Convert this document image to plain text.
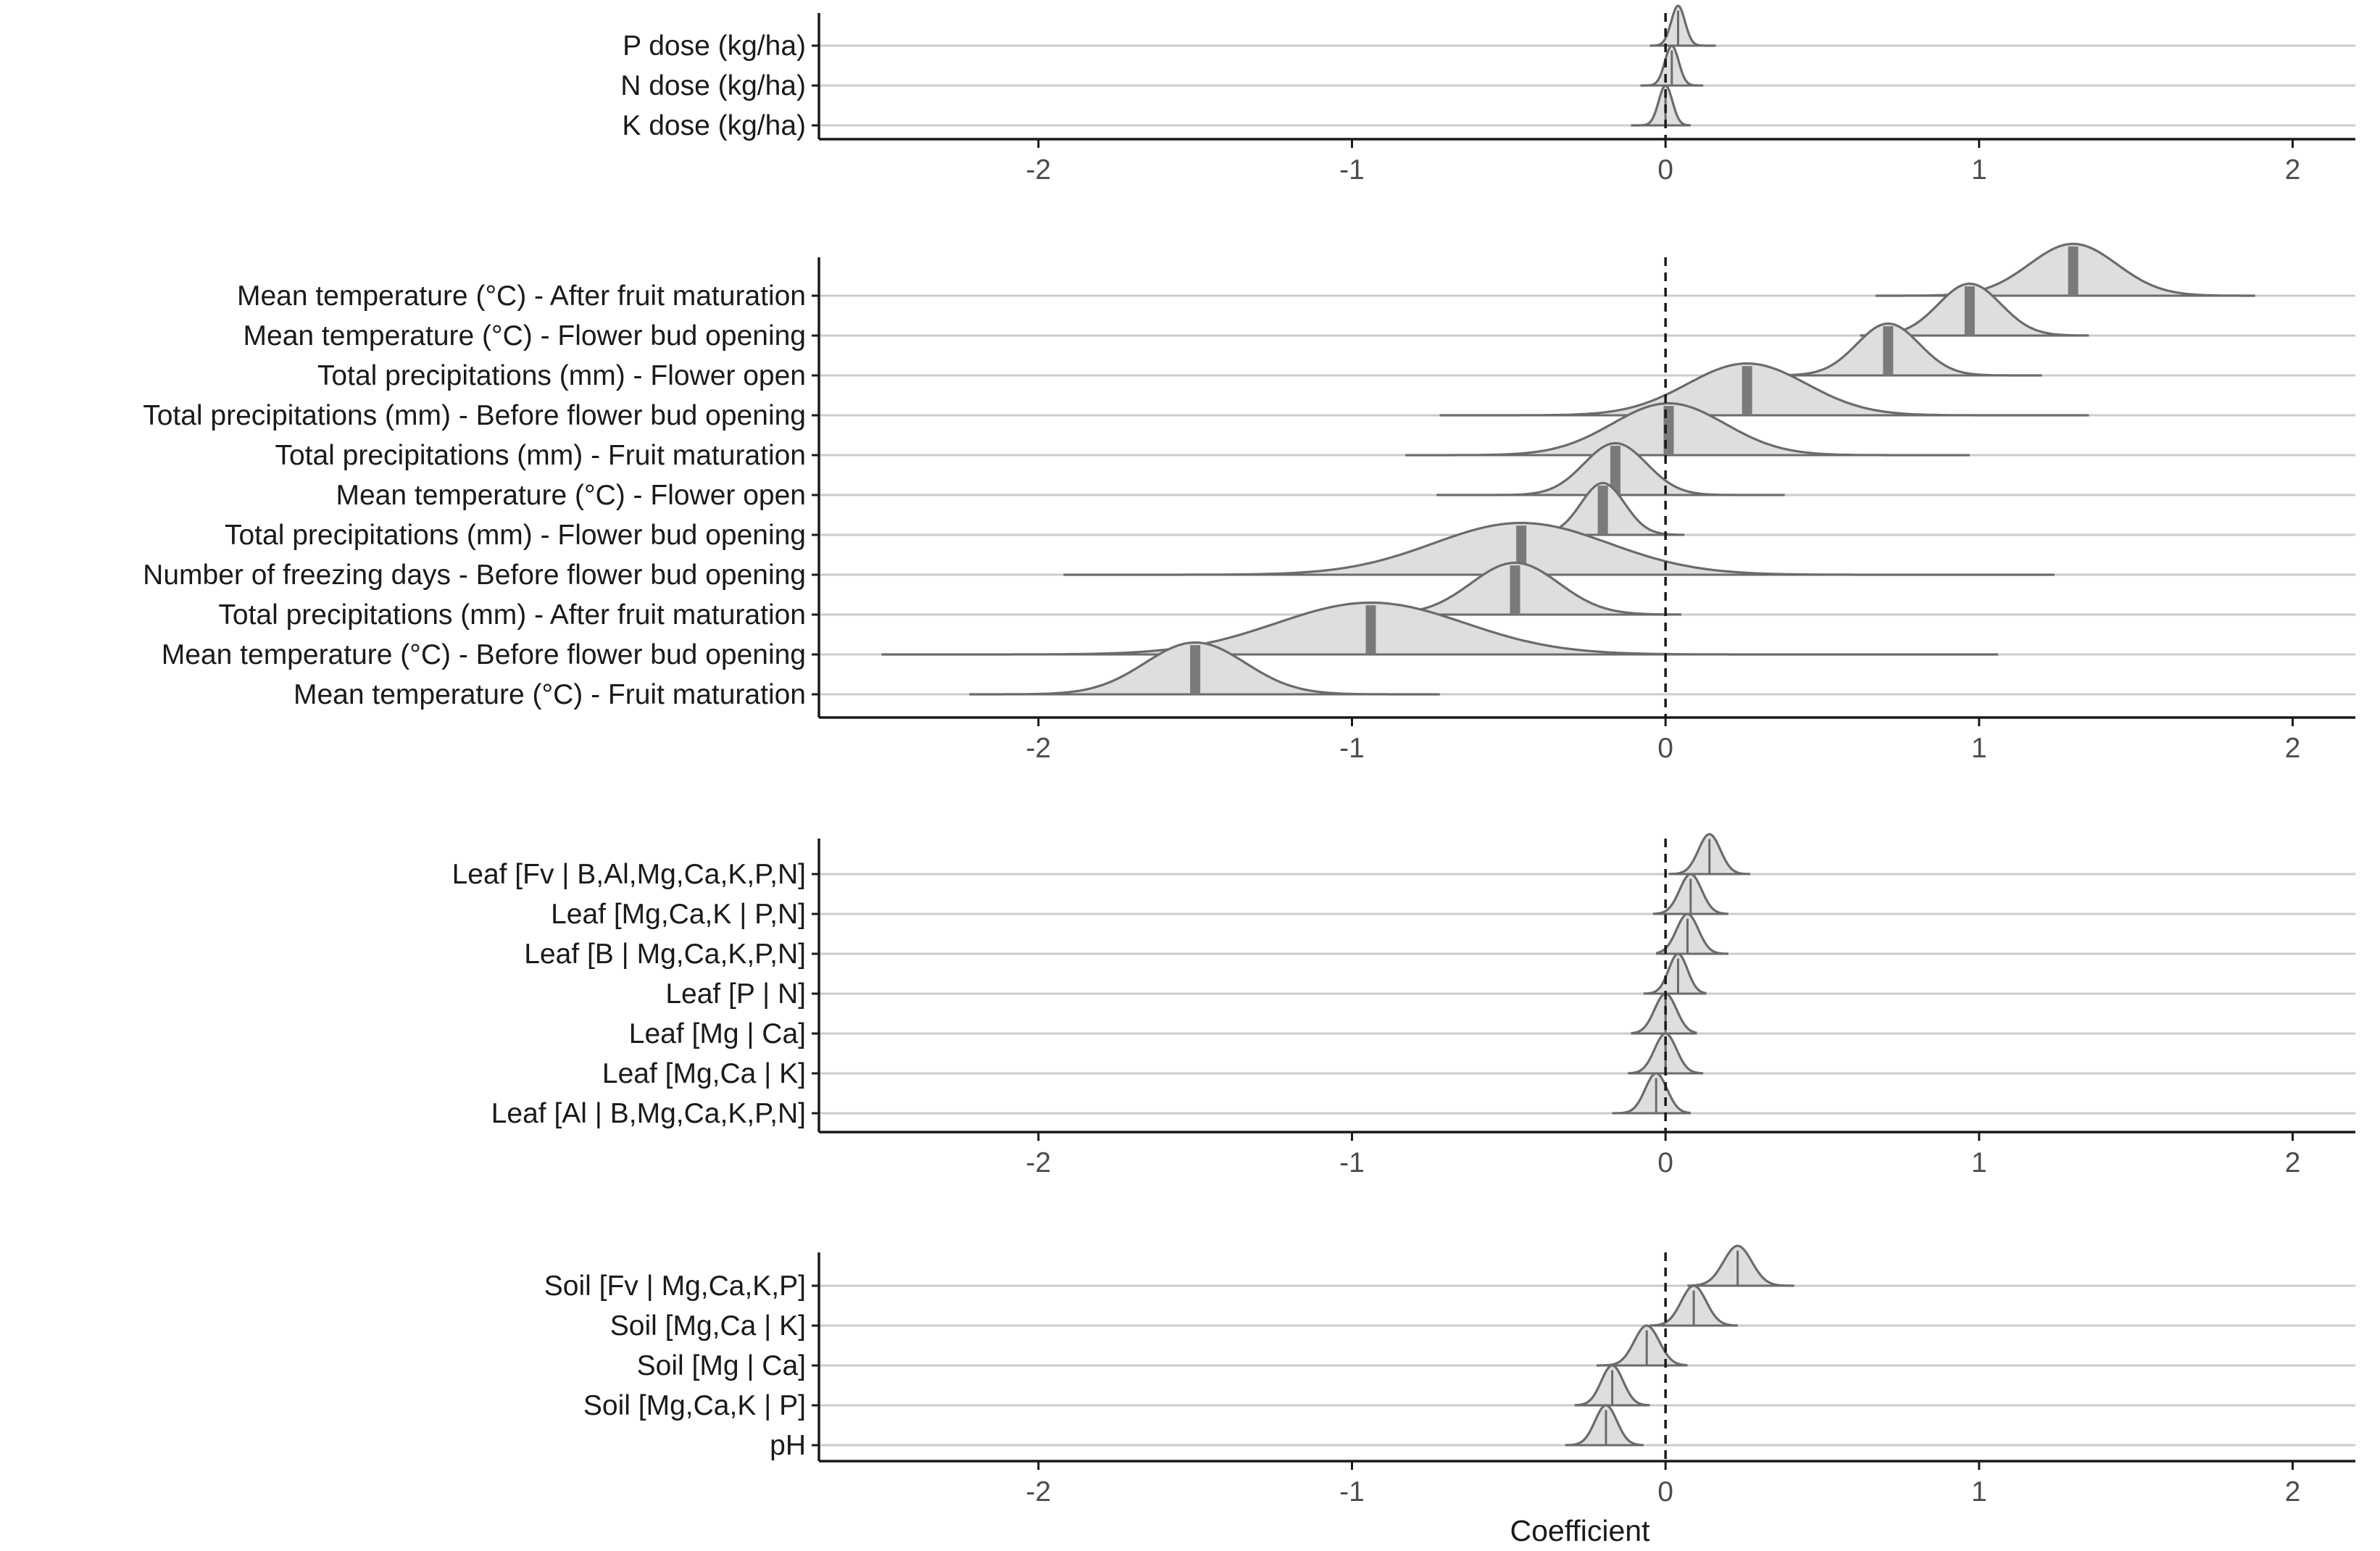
P dose (kg/ha)
N dose (kg/ha)
K dose (kg/ha)
-2	-1	0	1	2
Mean temperature (°C) - After fruit maturation
Mean temperature (°C) - Flower bud opening
Total precipitations (mm) - Flower open
Total precipitations (mm) - Before flower bud opening
Total precipitations (mm) - Fruit maturation
Mean temperature (°C) - Flower open
Total precipitations (mm) - Flower bud opening
Number of freezing days - Before flower bud opening
Total precipitations (mm) - After fruit maturation
Mean temperature (°C) - Before flower bud opening
Mean temperature (°C) - Fruit maturation
-2	-1	0	1	2
Leaf [Fv | B,Al,Mg,Ca,K,P,N]
Leaf [Mg,Ca,K | P,N]
Leaf [B | Mg,Ca,K,P,N]
Leaf [P | N]
Leaf [Mg | Ca]
Leaf [Mg,Ca | K]
Leaf [Al | B,Mg,Ca,K,P,N]
-2	-1	0	1	2
Soil [Fv | Mg,Ca,K,P]
Soil [Mg,Ca | K]
Soil [Mg | Ca]
Soil [Mg,Ca,K | P]
pH
-2	-1	0	1	2
Coefficient
